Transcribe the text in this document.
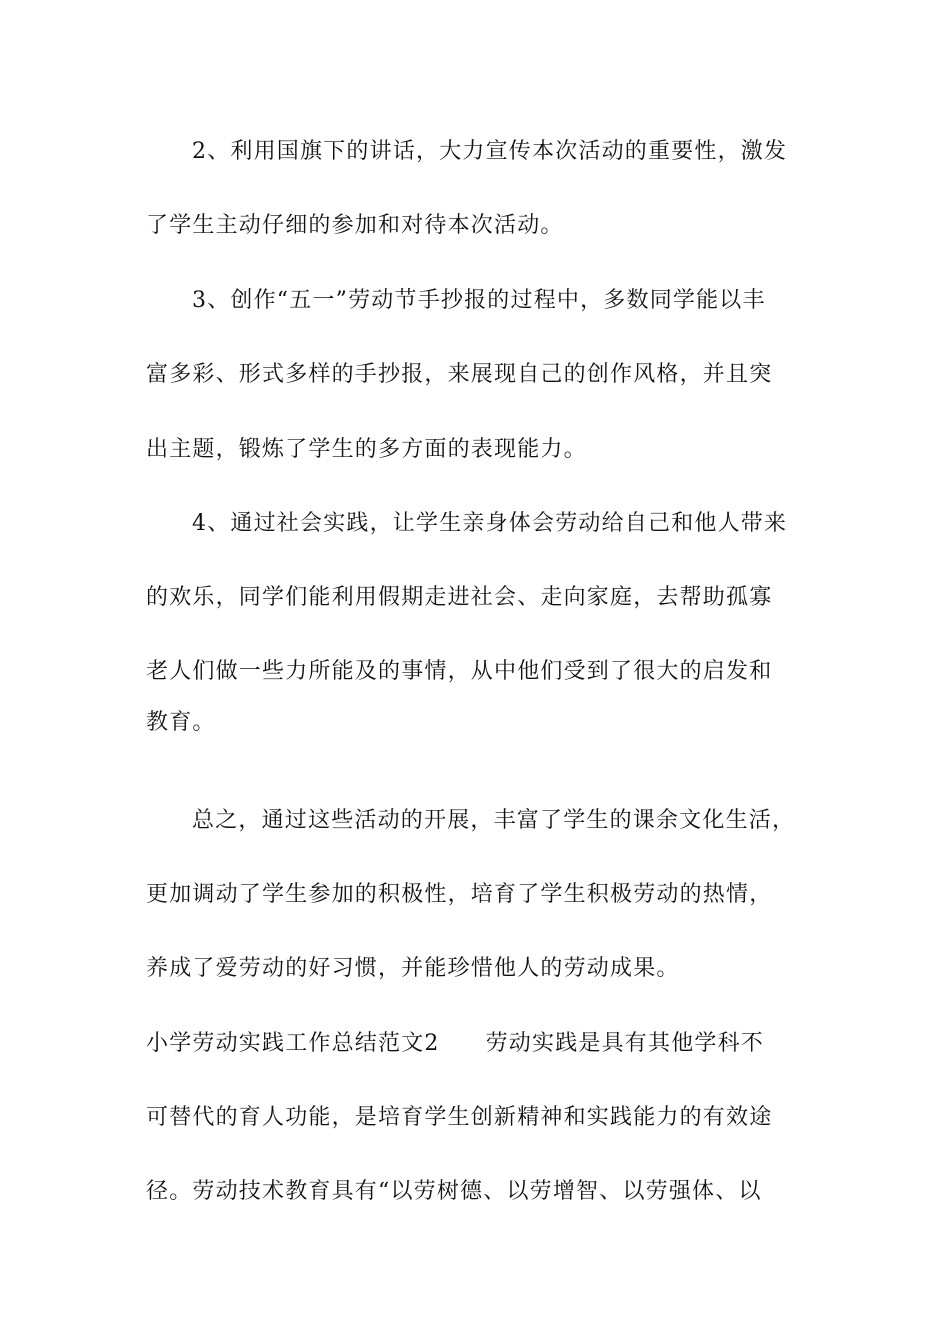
2、利用国旗下的讲话，大力宣传本次活动的重要性，激发
了学生主动仔细的参加和对待本次活动。
3、创作“五一”劳动节手抄报的过程中，多数同学能以丰
富多彩、形式多样的手抄报，来展现自己的创作风格，并且突
出主题，锻炼了学生的多方面的表现能力。
4、通过社会实践，让学生亲身体会劳动给自己和他人带来
的欢乐，同学们能利用假期走进社会、走向家庭，去帮助孤寡
老人们做一些力所能及的事情，从中他们受到了很大的启发和
教育。
总之，通过这些活动的开展，丰富了学生的课余文化生活，
更加调动了学生参加的积极性，培育了学生积极劳动的热情，
养成了爱劳动的好习惯，并能珍惜他人的劳动成果。
小学劳动实践工作总结范文2 劳动实践是具有其他学科不
可替代的育人功能，是培育学生创新精神和实践能力的有效途
径。劳动技术教育具有“以劳树德、以劳增智、以劳强体、以
